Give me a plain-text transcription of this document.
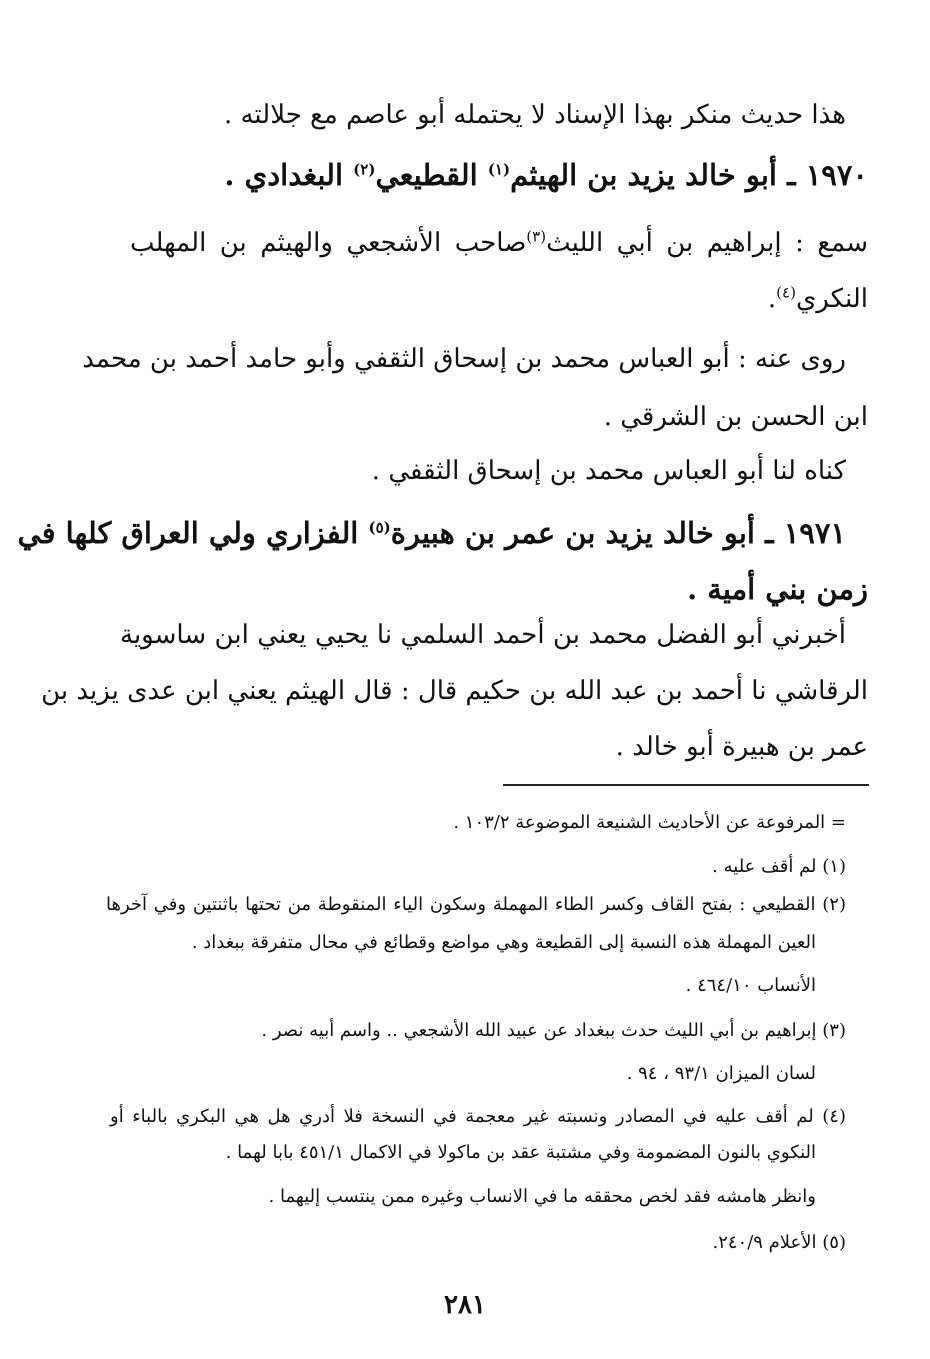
هذا حديث منكر بهذا الإسناد لا يحتمله أبو عاصم مع جلالته .
١٩٧٠ ـ أبو خالد يزيد بن الهيثم$^{(١)}$ القطيعي$^{(٢)}$ البغدادي .
سمع : إبراهيم بن أبي الليث$^{(٣)}$صاحب الأشجعي والهيثم بن المهلب
النكري$^{(٤)}$.
روى عنه : أبو العباس محمد بن إسحاق الثقفي وأبو حامد أحمد بن محمد
ابن الحسن بن الشرقي .
كناه لنا أبو العباس محمد بن إسحاق الثقفي .
١٩٧١ ـ أبو خالد يزيد بن عمر بن هبيرة$^{(٥)}$ الفزاري ولي العراق كلها في
زمن بني أمية .
أخبرني أبو الفضل محمد بن أحمد السلمي نا يحيي يعني ابن ساسوية
الرقاشي نا أحمد بن عبد الله بن حكيم قال : قال الهيثم يعني ابن عدى يزيد بن
عمر بن هبيرة أبو خالد .
= المرفوعة عن الأحاديث الشنيعة الموضوعة ١٠٣/٢ .
(١) لم أقف عليه .
(٢) القطيعي : بفتح القاف وكسر الطاء المهملة وسكون الياء المنقوطة من تحتها باثنتين وفي آخرها
العين المهملة هذه النسبة إلى القطيعة وهي مواضع وقطائع في محال متفرقة ببغداد .
الأنساب ٤٦٤/١٠ .
(٣) إبراهيم بن أبي الليث حدث ببغداد عن عبيد الله الأشجعي .. واسم أبيه نصر .
لسان الميزان ٩٣/١ ، ٩٤ .
(٤) لم أقف عليه في المصادر ونسبته غير معجمة في النسخة فلا أدري هل هي البكري بالباء أو
النكوي بالنون المضمومة وفي مشتبة عقد بن ماكولا في الاكمال ٤٥١/١ بابا لهما .
وانظر هامشه فقد لخص محققه ما في الانساب وغيره ممن ينتسب إليهما .
(٥) الأعلام ٢٤٠/٩.
٢٨١
